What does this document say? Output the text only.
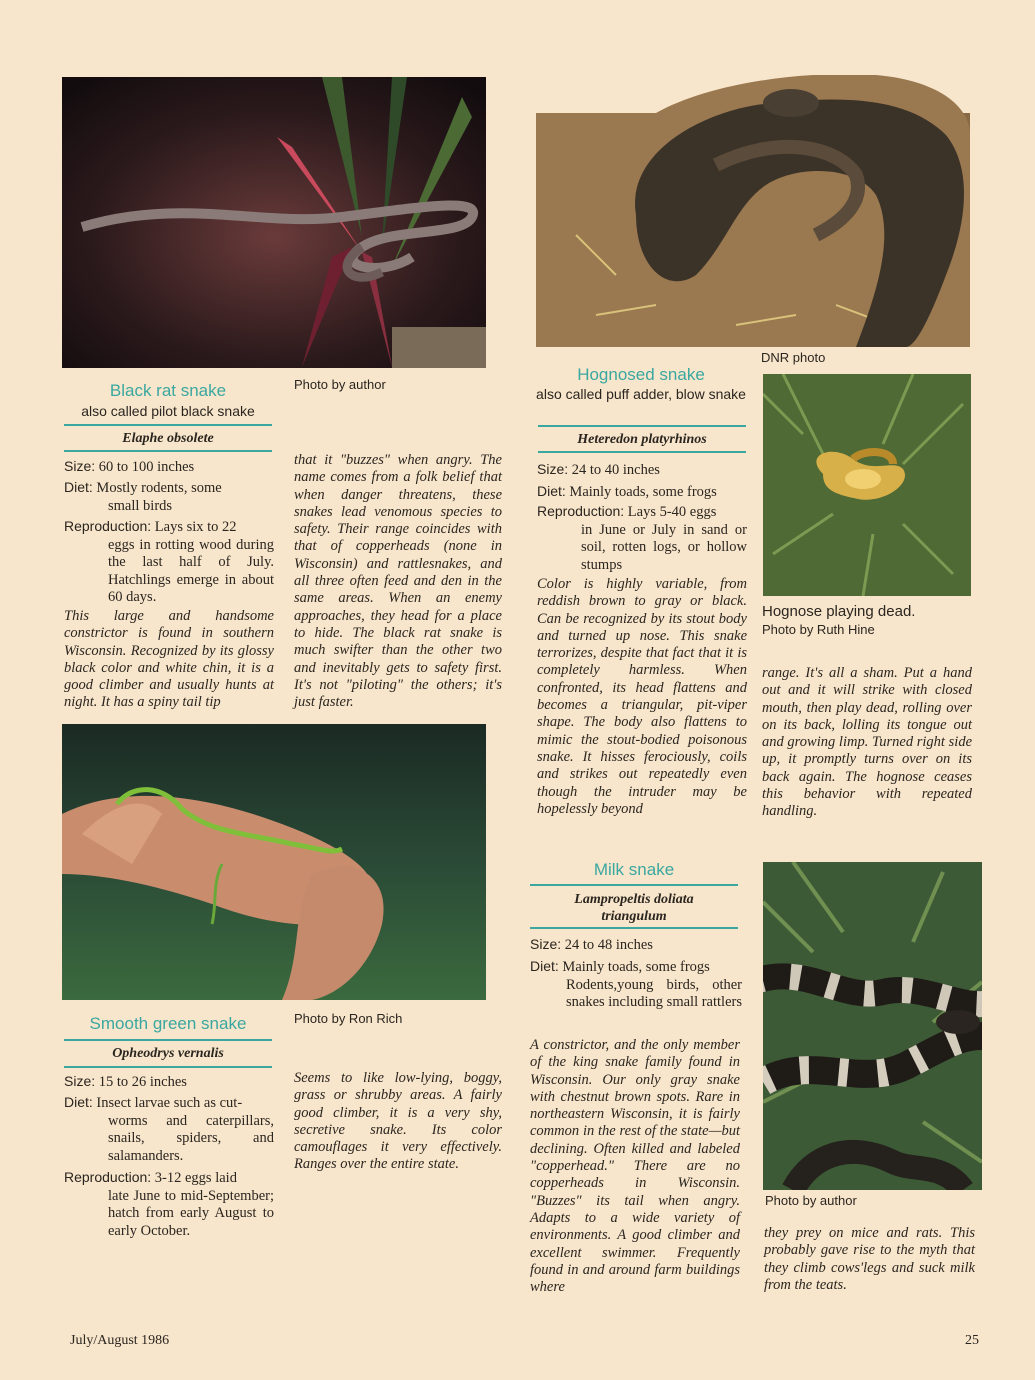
Black rat snake
also called pilot black snake
Photo by author
Elaphe obsolete
Size: 60 to 100 inches
Diet: Mostly rodents, some
small birds
Reproduction: Lays six to 22
eggs in rotting wood during the last half of July. Hatchlings emerge in about 60 days.
This large and handsome constrictor is found in southern Wisconsin. Recognized by its glossy black color and white chin, it is a good climber and usually hunts at night. It has a spiny tail tip
that it "buzzes" when angry. The name comes from a folk belief that when danger threatens, these snakes lead venomous species to safety. Their range coincides with that of copperheads (none in Wisconsin) and rattlesnakes, and all three often feed and den in the same areas. When an enemy approaches, they head for a place to hide. The black rat snake is much swifter than the other two and inevitably gets to safety first. It's not "piloting" the others; it's just faster.
Smooth green snake	Photo by Ron Rich
Opheodrys vernalis
Size: 15 to 26 inches
Diet: Insect larvae such as cut-
worms and caterpillars, snails, spiders, and salamanders.
Reproduction: 3-12 eggs laid
late June to mid-September; hatch from early August to early October.
Seems to like low-lying, boggy, grass or shrubby areas. A fairly good climber, it is a very shy, secretive snake. Its color camouflages it very effectively. Ranges over the entire state.
DNR photo
Hognosed snake
also called puff adder, blow snake
Heteredon platyrhinos
Size: 24 to 40 inches
Diet: Mainly toads, some frogs
Reproduction: Lays 5-40 eggs
in June or July in sand or soil, rotten logs, or hollow stumps
Color is highly variable, from reddish brown to gray or black. Can be recognized by its stout body and turned up nose. This snake terrorizes, despite that fact that it is completely harmless. When confronted, its head flattens and becomes a triangular, pit-viper shape. The body also flattens to mimic the stout-bodied poisonous snake. It hisses ferociously, coils and strikes out repeatedly even though the intruder may be hopelessly beyond
Hognose playing dead.
Photo by Ruth Hine
range. It's all a sham. Put a hand out and it will strike with closed mouth, then play dead, rolling over on its back, lolling its tongue out and growing limp. Turned right side up, it promptly turns over on its back again. The hognose ceases this behavior with repeated handling.
Milk snake
Lampropeltis doliata triangulum
Size: 24 to 48 inches
Diet: Mainly toads, some frogs
Rodents,young birds, other snakes including small rattlers
A constrictor, and the only member of the king snake family found in Wisconsin. Our only gray snake with chestnut brown spots. Rare in northeastern Wisconsin, it is fairly common in the rest of the state—but declining. Often killed and labeled "copperhead." There are no copperheads in Wisconsin. "Buzzes" its tail when angry. Adapts to a wide variety of environments. A good climber and excellent swimmer. Frequently found in and around farm buildings where
Photo by author
they prey on mice and rats. This probably gave rise to the myth that they climb cows'legs and suck milk from the teats.
July/August 1986	25
